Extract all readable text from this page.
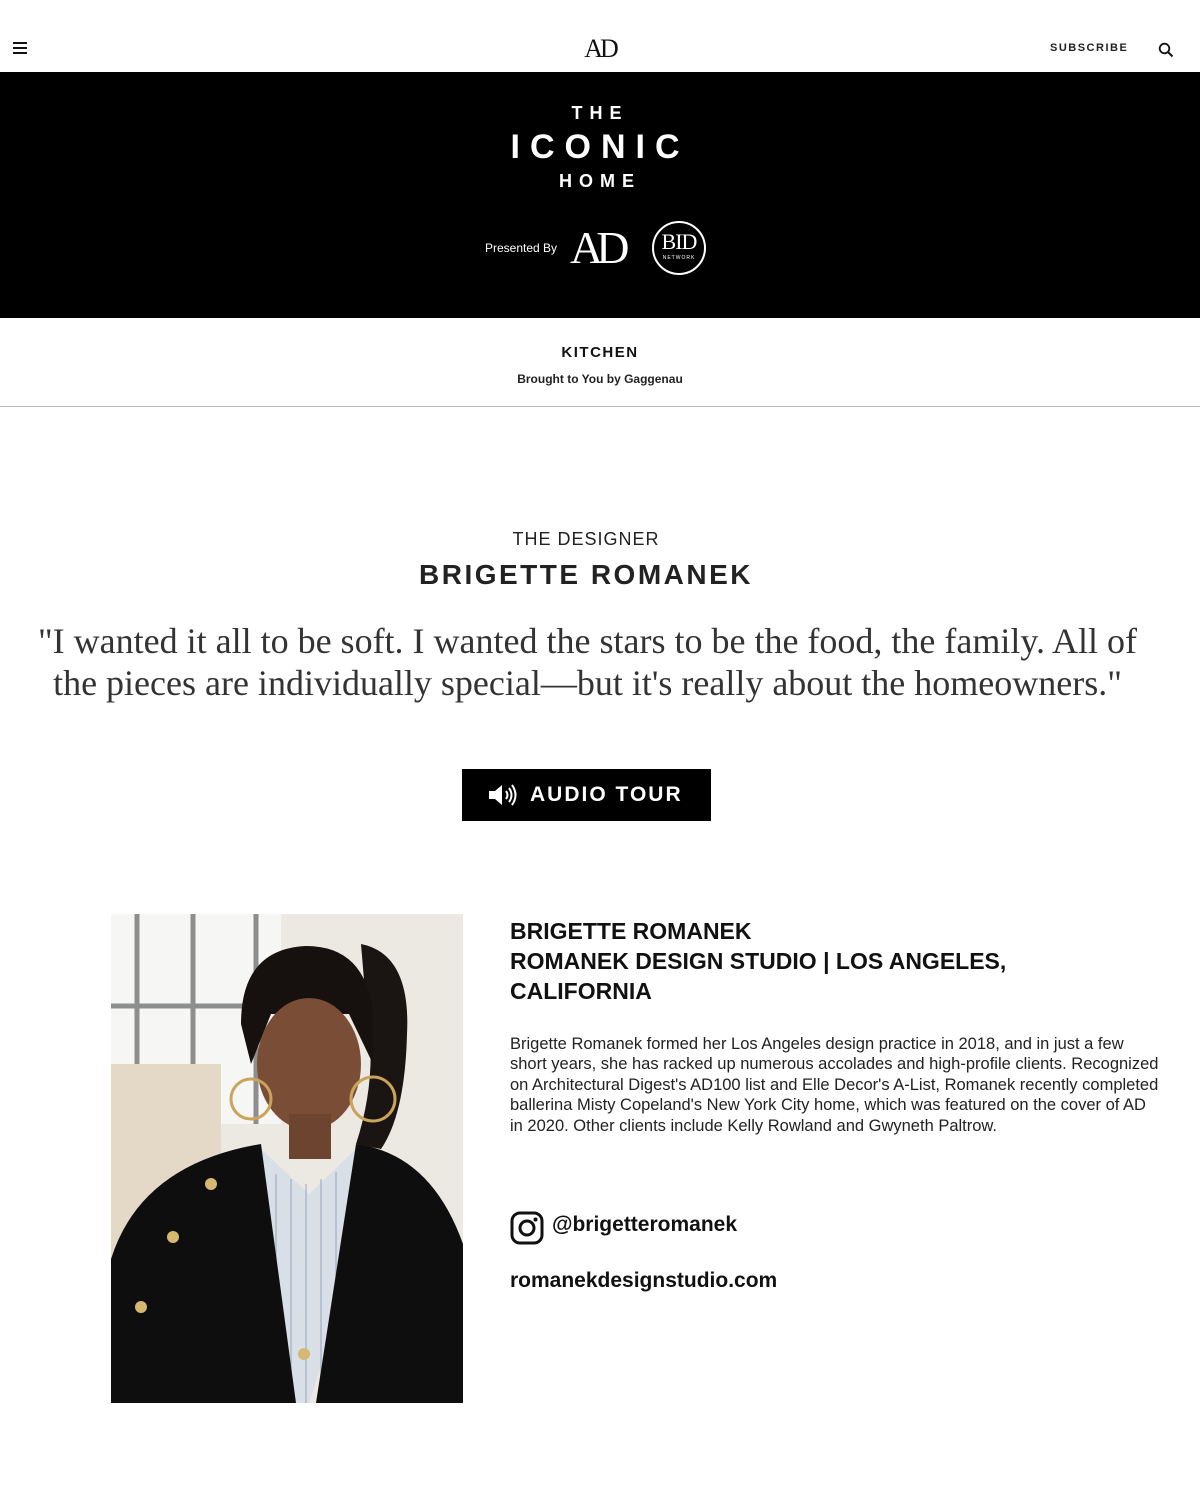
AD	SUBSCRIBE
THE
ICONIC
HOME
Presented By AD	BID
NETWORK
KITCHEN
Brought to You by Gaggenau
THE DESIGNER
BRIGETTE ROMANEK
"I wanted it all to be soft. I wanted the stars to be the food, the family. All of the pieces are individually special—but it's really about the homeowners."
AUDIO TOUR
BRIGETTE ROMANEK
ROMANEK DESIGN STUDIO | LOS ANGELES, CALIFORNIA
Brigette Romanek formed her Los Angeles design practice in 2018, and in just a few short years, she has racked up numerous accolades and high-profile clients. Recognized on Architectural Digest's AD100 list and Elle Decor's A-List, Romanek recently completed ballerina Misty Copeland's New York City home, which was featured on the cover of AD in 2020. Other clients include Kelly Rowland and Gwyneth Paltrow.
@brigetteromanek
romanekdesignstudio.com
